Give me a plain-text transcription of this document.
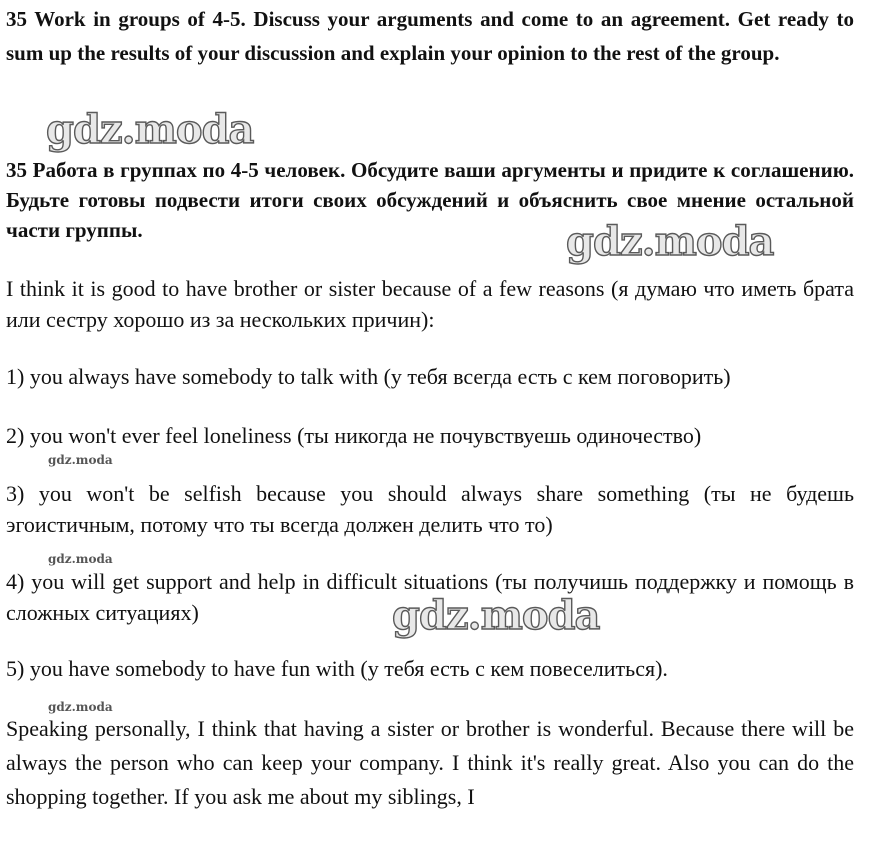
35 Work in groups of 4-5. Discuss your arguments and come to an agreement. Get ready to sum up the results of your discussion and explain your opinion to the rest of the group.

35 Работа в группах по 4-5 человек. Обсудите ваши аргументы и придите к соглашению. Будьте готовы подвести итоги своих обсуждений и объяснить свое мнение остальной части группы.

I think it is good to have brother or sister because of a few reasons (я думаю что иметь брата или сестру хорошо из за нескольких причин):

1) you always have somebody to talk with (у тебя всегда есть с кем поговорить)

2) you won't ever feel loneliness (ты никогда не почувствуешь одиночество)

3) you won't be selfish because you should always share something (ты не будешь эгоистичным, потому что ты всегда должен делить что то)

4) you will get support and help in difficult situations (ты получишь поддержку и помощь в сложных ситуациях)

5) you have somebody to have fun with (у тебя есть с кем повеселиться).

Speaking personally, I think that having a sister or brother is wonderful. Because there will be always the person who can keep your company. I think it's really great. Also you can do the shopping together. If you ask me about my siblings, I

gdz.moda
gdz.moda
gdz.moda
gdz.moda
gdz.moda
gdz.moda
